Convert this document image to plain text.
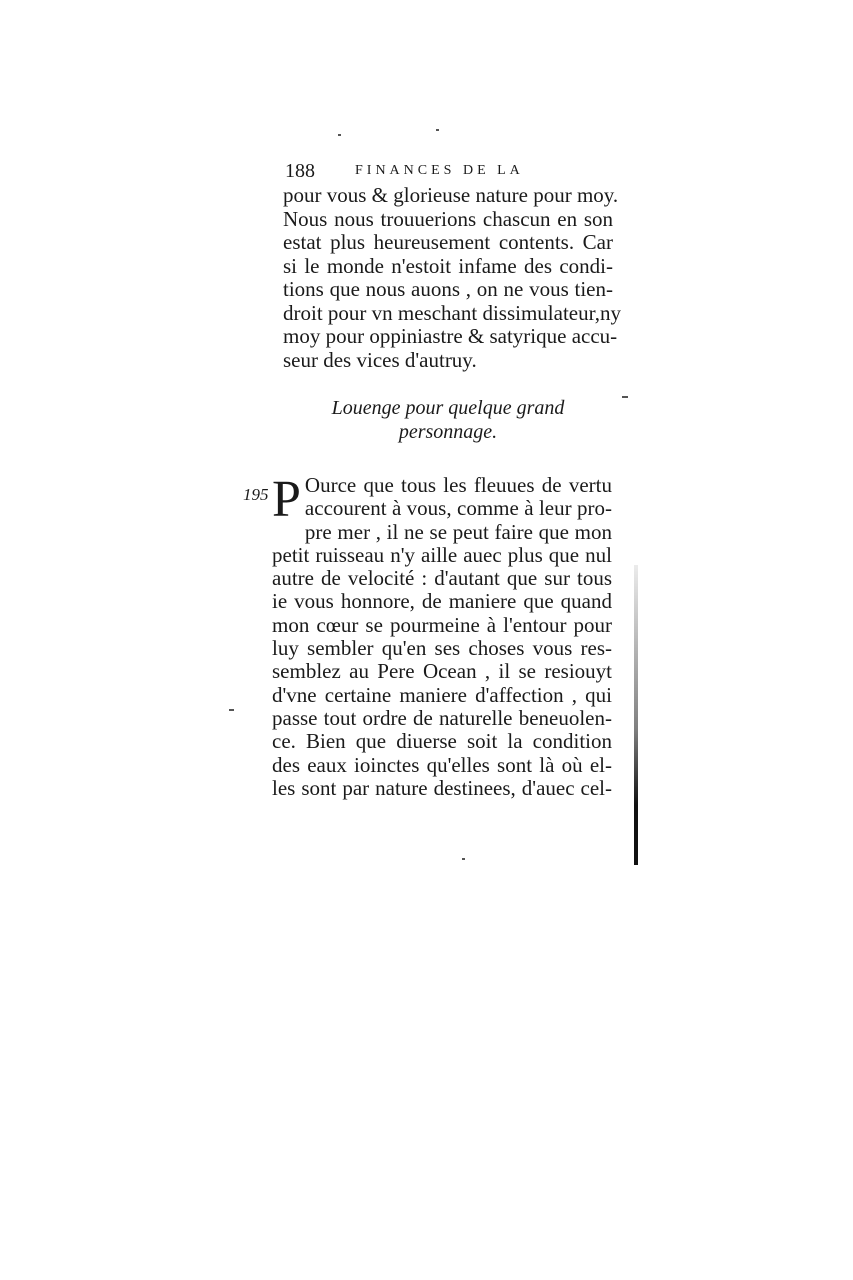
188	FINANCES DE LA
pour vous & glorieuse nature pour moy.
Nous nous trouuerions chascun en son
estat plus heureusement contents. Car
si le monde n'estoit infame des condi-
tions que nous auons , on ne vous tien-
droit pour vn meschant dissimulateur,ny
moy pour oppiniastre & satyrique accu-
seur des vices d'autruy.
Louenge pour quelque grand
personnage.
195 P Ource que tous les fleuues de vertu
accourent à vous, comme à leur pro-
pre mer , il ne se peut faire que mon
petit ruisseau n'y aille auec plus que nul
autre de velocité : d'autant que sur tous
ie vous honnore, de maniere que quand
mon cœur se pourmeine à l'entour pour
luy sembler qu'en ses choses vous res-
semblez au Pere Ocean , il se resiouyt
d'vne certaine maniere d'affection , qui
passe tout ordre de naturelle beneuolen-
ce. Bien que diuerse soit la condition
des eaux ioinctes qu'elles sont là où el-
les sont par nature destinees, d'auec cel-
